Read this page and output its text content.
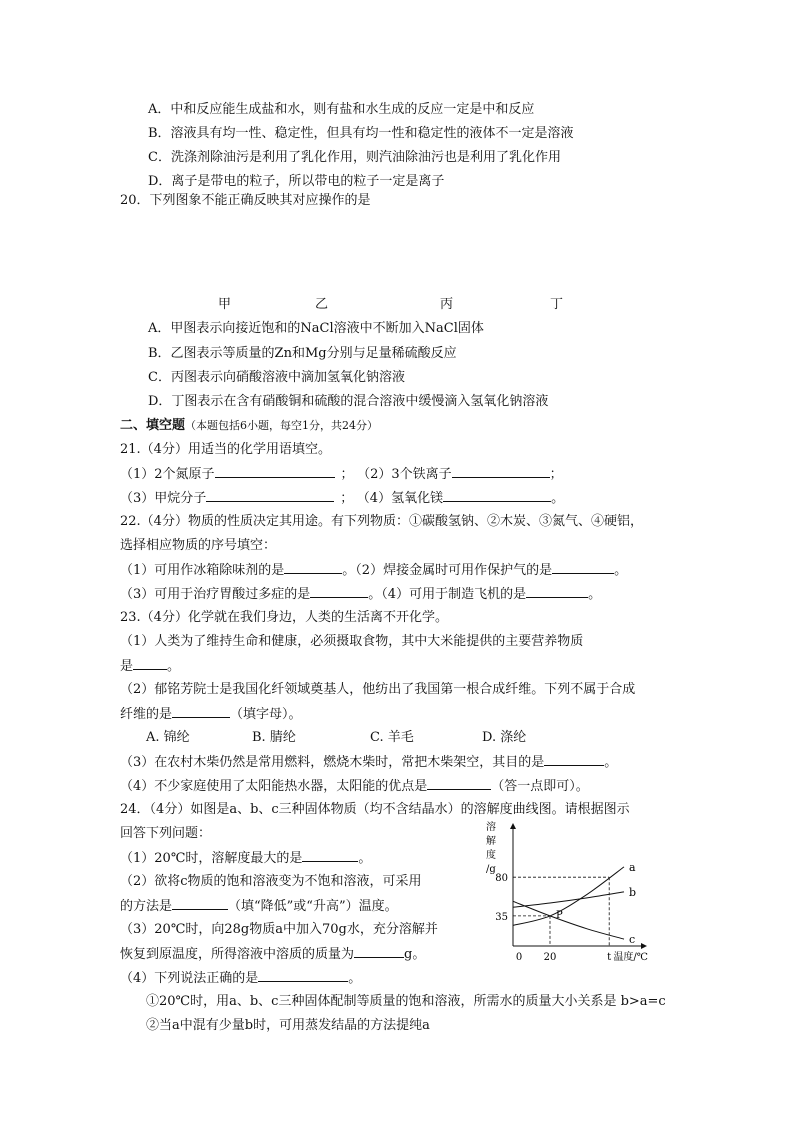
A．中和反应能生成盐和水，则有盐和水生成的反应一定是中和反应
B．溶液具有均一性、稳定性，但具有均一性和稳定性的液体不一定是溶液
C．洗涤剂除油污是利用了乳化作用，则汽油除油污也是利用了乳化作用
D．离子是带电的粒子，所以带电的粒子一定是离子
20．下列图象不能正确反映其对应操作的是
甲	乙	丙	丁
A．甲图表示向接近饱和的NaCl溶液中不断加入NaCl固体
B．乙图表示等质量的Zn和Mg分别与足量稀硫酸反应
C．丙图表示向硝酸溶液中滴加氢氧化钠溶液
D．丁图表示在含有硝酸铜和硫酸的混合溶液中缓慢滴入氢氧化钠溶液
二、填空题（本题包括6小题，每空1分，共24分）
21.（4分）用适当的化学用语填空。
（1）2个氮原子	； （2）3个铁离子	；
（3）甲烷分子	； （4）氢氧化镁	。
22.（4分）物质的性质决定其用途。有下列物质：①碳酸氢钠、②木炭、③氮气、④硬铝，
选择相应物质的序号填空：
（1）可用作冰箱除味剂的是	。（2）焊接金属时可用作保护气的是	。
（3）可用于治疗胃酸过多症的是	。（4）可用于制造飞机的是	。
23.（4分）化学就在我们身边，人类的生活离不开化学。
（1）人类为了维持生命和健康，必须摄取食物，其中大米能提供的主要营养物质
是	。
（2）郁铭芳院士是我国化纤领域奠基人，他纺出了我国第一根合成纤维。下列不属于合成
纤维的是	（填字母）。
A. 锦纶	B. 腈纶	C. 羊毛	D. 涤纶
（3）在农村木柴仍然是常用燃料，燃烧木柴时，常把木柴架空，其目的是	。
（4）不少家庭使用了太阳能热水器，太阳能的优点是	（答一点即可）。
24．（4分）如图是a、b、c三种固体物质（均不含结晶水）的溶解度曲线图。请根据图示
回答下列问题：
（1）20℃时，溶解度最大的是	。
（2）欲将c物质的饱和溶液变为不饱和溶液，可采用
的方法是	（填“降低”或“升高”）温度。
（3）20℃时，向28g物质a中加入70g水，充分溶解并
恢复到原温度，所得溶液中溶质的质量为	g。
（4）下列说法正确的是	。
①20℃时，用a、b、c三种固体配制等质量的饱和溶液，所需水的质量大小关系是 b>a=c
②当a中混有少量b时，可用蒸发结晶的方法提纯a
a
b
c
35
80
0 20	t 温度/℃
溶
解
度
/g
P
